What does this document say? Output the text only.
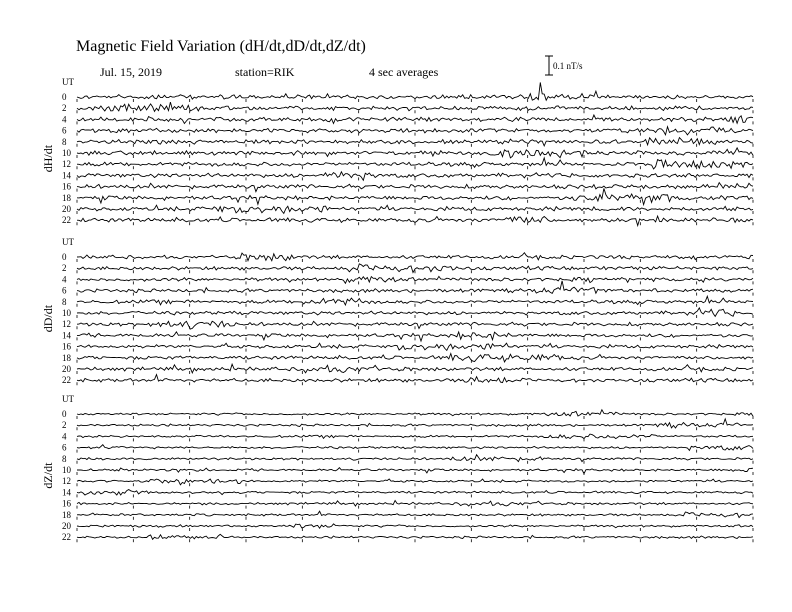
Magnetic Field Variation (dH/dt,dD/dt,dZ/dt)
Jul. 15, 2019	station=RIK	4 sec averages	0.1 nT/s
UT
dH/dt
0
2
4
6
8
10
12
14
16
18
20
22
UT
dD/dt
0
2
4
6
8
10
12
14
16
18
20
22
UT
dZ/dt
0
2
4
6
8
10
12
14
16
18
20
22
